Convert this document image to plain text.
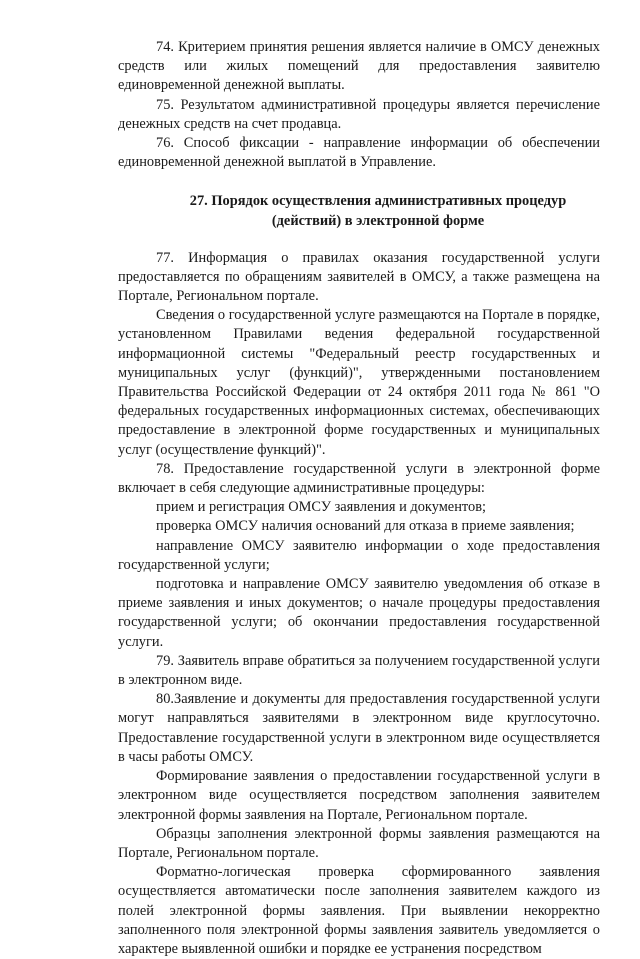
74. Критерием принятия решения является наличие в ОМСУ денежных средств или жилых помещений для предоставления заявителю единовременной денежной выплаты.

75. Результатом административной процедуры является перечисление денежных средств на счет продавца.

76. Способ фиксации - направление информации об обеспечении единовременной денежной выплатой в Управление.

27. Порядок осуществления административных процедур
(действий) в электронной форме

77. Информация о правилах оказания государственной услуги предоставляется по обращениям заявителей в ОМСУ, а также размещена на Портале, Региональном портале.

Сведения о государственной услуге размещаются на Портале в порядке, установленном Правилами ведения федеральной государственной информационной системы "Федеральный реестр государственных и муниципальных услуг (функций)", утвержденными постановлением Правительства Российской Федерации от 24 октября 2011 года № 861 "О федеральных государственных информационных системах, обеспечивающих предоставление в электронной форме государственных и муниципальных услуг (осуществление функций)".

78. Предоставление государственной услуги в электронной форме включает в себя следующие административные процедуры:

прием и регистрация ОМСУ заявления и документов;

проверка ОМСУ наличия оснований для отказа в приеме заявления;

направление ОМСУ заявителю информации о ходе предоставления государственной услуги;

подготовка и направление ОМСУ заявителю уведомления об отказе в приеме заявления и иных документов; о начале процедуры предоставления государственной услуги; об окончании предоставления государственной услуги.

79. Заявитель вправе обратиться за получением государственной услуги в электронном виде.

80.Заявление и документы для предоставления государственной услуги могут направляться заявителями в электронном виде круглосуточно. Предоставление государственной услуги в электронном виде осуществляется в часы работы ОМСУ.

Формирование заявления о предоставлении государственной услуги в электронном виде осуществляется посредством заполнения заявителем электронной формы заявления на Портале, Региональном портале.

Образцы заполнения электронной формы заявления размещаются на Портале, Региональном портале.

Форматно-логическая проверка сформированного заявления осуществляется автоматически после заполнения заявителем каждого из полей электронной формы заявления. При выявлении некорректно заполненного поля электронной формы заявления заявитель уведомляется о характере выявленной ошибки и порядке ее устранения посредством
